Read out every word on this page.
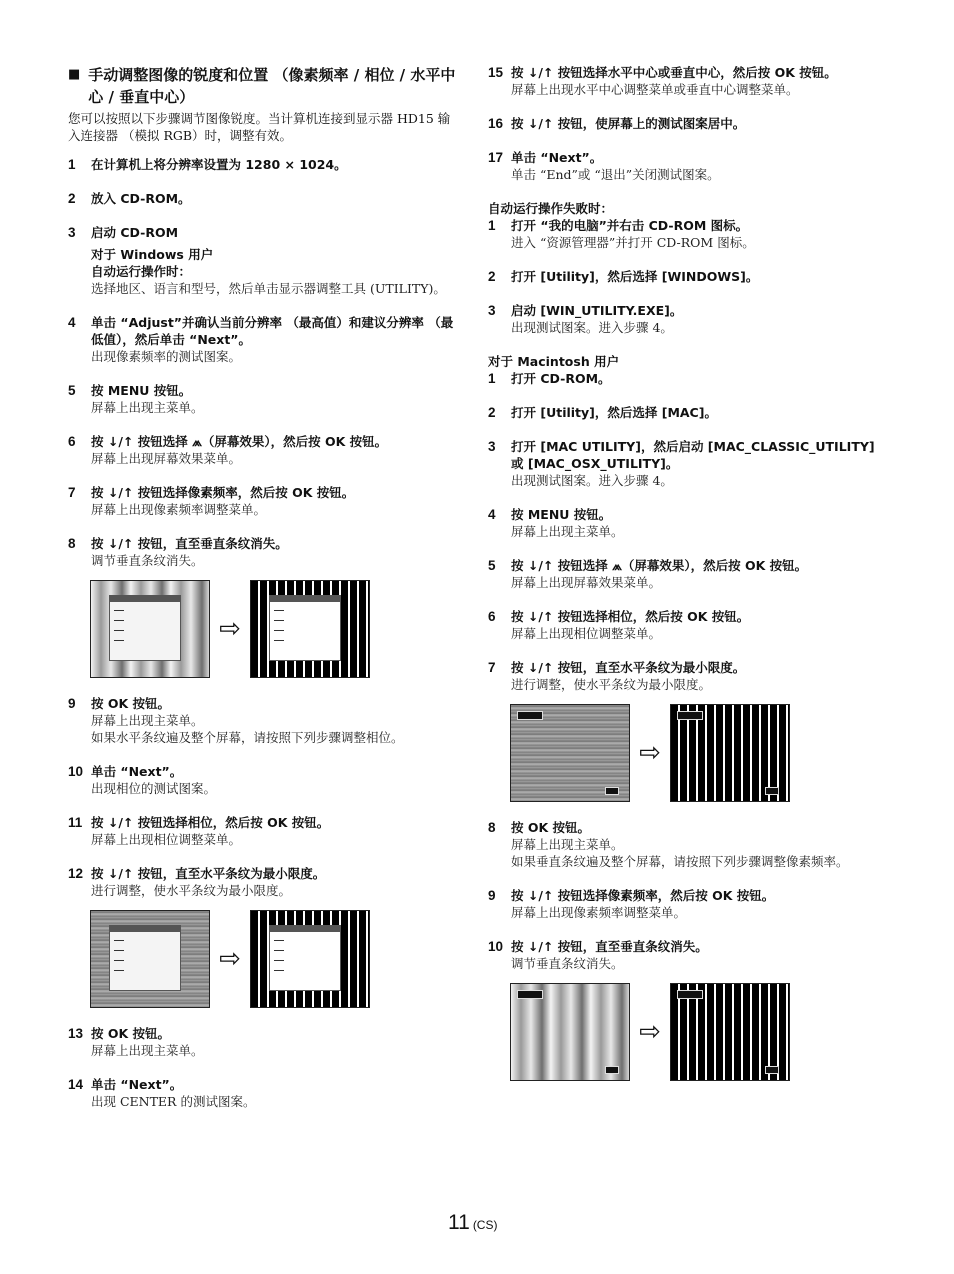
■ 手动调整图像的锐度和位置 （像素频率 / 相位 / 水平中心 / 垂直中心）
您可以按照以下步骤调节图像锐度。当计算机连接到显示器 HD15 输入连接器 （模拟 RGB）时，调整有效。
1	在计算机上将分辨率设置为 1280 × 1024。
2	放入 CD-ROM。
3	启动 CD-ROM
对于 Windows 用户
自动运行操作时：
选择地区、语言和型号，然后单击显示器调整工具 (UTILITY)。
4	单击 “Adjust”并确认当前分辨率 （最高值）和建议分辨率 （最低值），然后单击 “Next”。
出现像素频率的测试图案。
5	按 MENU 按钮。
屏幕上出现主菜单。
6	按 ↓/↑ 按钮选择 ⩕（屏幕效果），然后按 OK 按钮。
屏幕上出现屏幕效果菜单。
7	按 ↓/↑ 按钮选择像素频率，然后按 OK 按钮。
屏幕上出现像素频率调整菜单。
8	按 ↓/↑ 按钮，直至垂直条纹消失。
调节垂直条纹消失。
⇨
9	按 OK 按钮。
屏幕上出现主菜单。
如果水平条纹遍及整个屏幕，请按照下列步骤调整相位。
10 单击 “Next”。
出现相位的测试图案。
11 按 ↓/↑ 按钮选择相位，然后按 OK 按钮。
屏幕上出现相位调整菜单。
12 按 ↓/↑ 按钮，直至水平条纹为最小限度。
进行调整，使水平条纹为最小限度。
⇨
13 按 OK 按钮。
屏幕上出现主菜单。
14 单击 “Next”。
出现 CENTER 的测试图案。
15 按 ↓/↑ 按钮选择水平中心或垂直中心，然后按 OK 按钮。
屏幕上出现水平中心调整菜单或垂直中心调整菜单。
16 按 ↓/↑ 按钮，使屏幕上的测试图案居中。
17 单击 “Next”。
单击 “End”或 “退出”关闭测试图案。
自动运行操作失败时：
1	打开 “我的电脑”并右击 CD-ROM 图标。
进入 “资源管理器”并打开 CD-ROM 图标。
2	打开 [Utility]，然后选择 [WINDOWS]。
3	启动 [WIN_UTILITY.EXE]。
出现测试图案。进入步骤 4。
对于 Macintosh 用户
1	打开 CD-ROM。
2	打开 [Utility]，然后选择 [MAC]。
3	打开 [MAC UTILITY]，然后启动 [MAC_CLASSIC_UTILITY] 或 [MAC_OSX_UTILITY]。
出现测试图案。进入步骤 4。
4	按 MENU 按钮。
屏幕上出现主菜单。
5	按 ↓/↑ 按钮选择 ⩕（屏幕效果），然后按 OK 按钮。
屏幕上出现屏幕效果菜单。
6	按 ↓/↑ 按钮选择相位，然后按 OK 按钮。
屏幕上出现相位调整菜单。
7	按 ↓/↑ 按钮，直至水平条纹为最小限度。
进行调整，使水平条纹为最小限度。
⇨
8	按 OK 按钮。
屏幕上出现主菜单。
如果垂直条纹遍及整个屏幕，请按照下列步骤调整像素频率。
9	按 ↓/↑ 按钮选择像素频率，然后按 OK 按钮。
屏幕上出现像素频率调整菜单。
10 按 ↓/↑ 按钮，直至垂直条纹消失。
调节垂直条纹消失。
⇨
11 (CS)
